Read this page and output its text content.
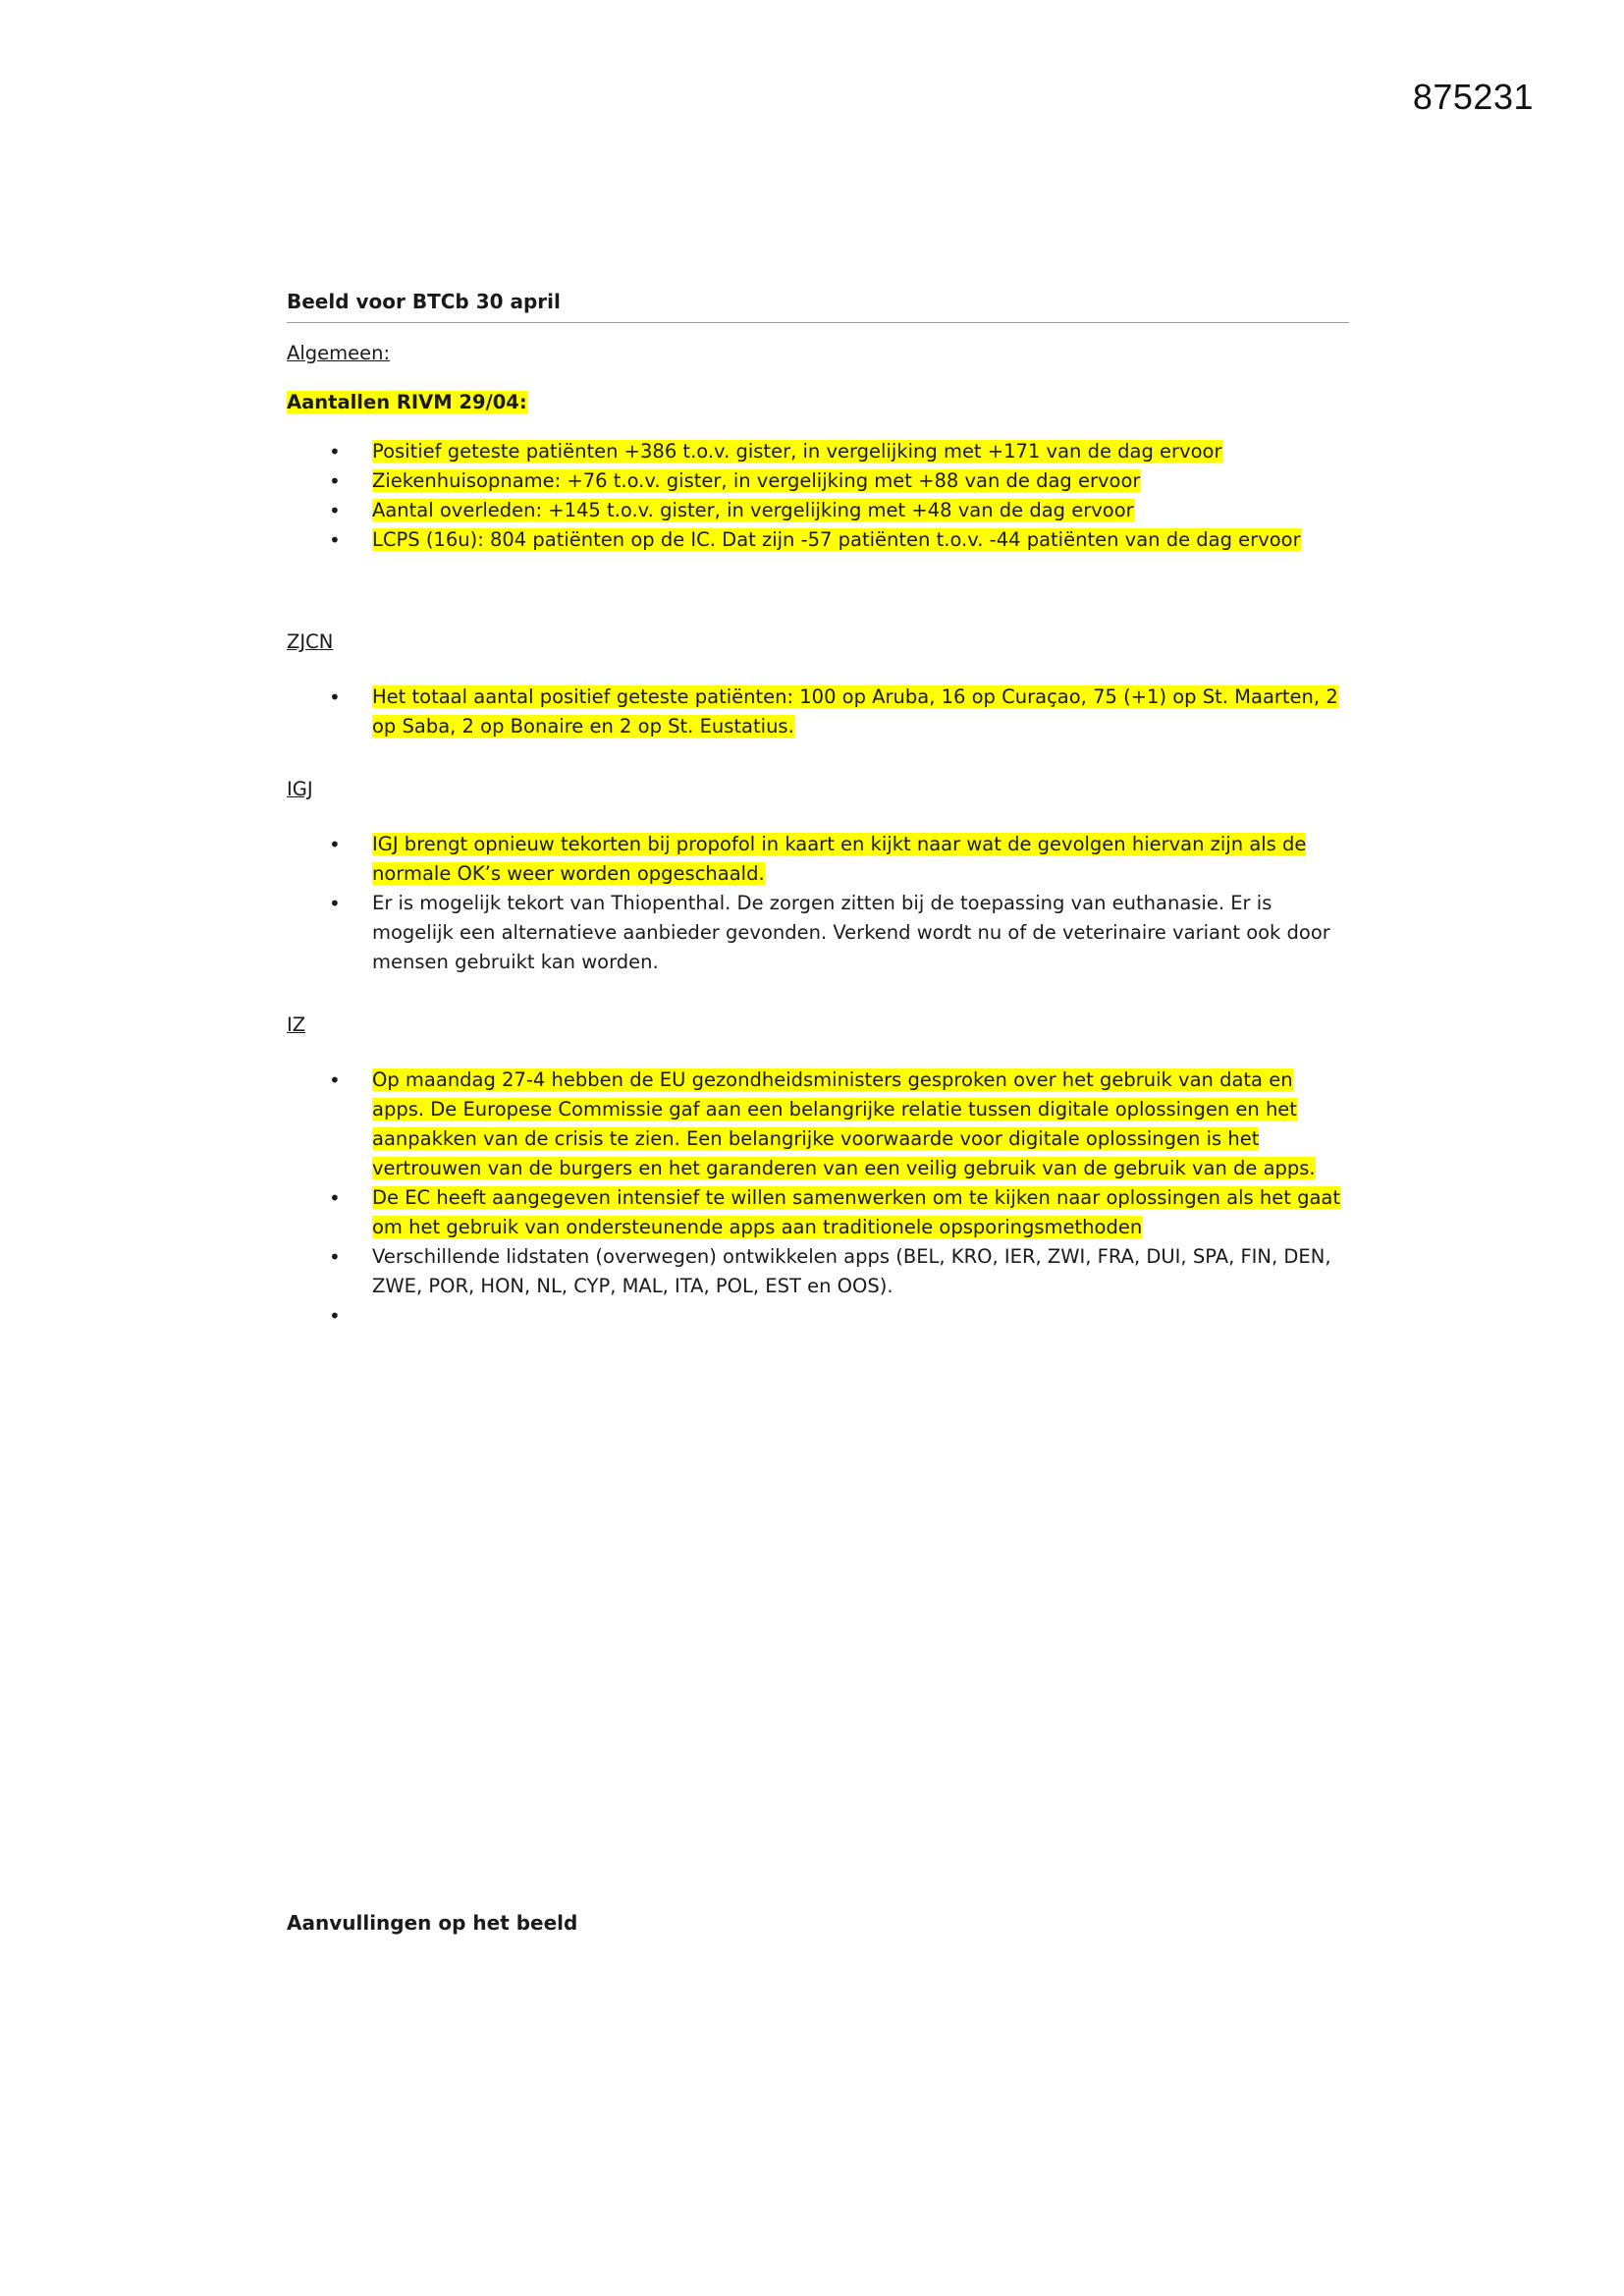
875231
Beeld voor BTCb 30 april

Algemeen:

Aantallen RIVM 29/04:

• Positief geteste patiënten +386 t.o.v. gister, in vergelijking met +171 van de dag ervoor
• Ziekenhuisopname: +76 t.o.v. gister, in vergelijking met +88 van de dag ervoor
• Aantal overleden: +145 t.o.v. gister, in vergelijking met +48 van de dag ervoor
• LCPS (16u): 804 patiënten op de IC. Dat zijn -57 patiënten t.o.v. -44 patiënten van de dag ervoor

ZJCN

• Het totaal aantal positief geteste patiënten: 100 op Aruba, 16 op Curaçao, 75 (+1) op St. Maarten, 2 op Saba, 2 op Bonaire en 2 op St. Eustatius.

IGJ

• IGJ brengt opnieuw tekorten bij propofol in kaart en kijkt naar wat de gevolgen hiervan zijn als de normale OK’s weer worden opgeschaald.
• Er is mogelijk tekort van Thiopenthal. De zorgen zitten bij de toepassing van euthanasie. Er is mogelijk een alternatieve aanbieder gevonden. Verkend wordt nu of de veterinaire variant ook door mensen gebruikt kan worden.

IZ

• Op maandag 27-4 hebben de EU gezondheidsministers gesproken over het gebruik van data en apps. De Europese Commissie gaf aan een belangrijke relatie tussen digitale oplossingen en het aanpakken van de crisis te zien. Een belangrijke voorwaarde voor digitale oplossingen is het vertrouwen van de burgers en het garanderen van een veilig gebruik van de gebruik van de apps.
• De EC heeft aangegeven intensief te willen samenwerken om te kijken naar oplossingen als het gaat om het gebruik van ondersteunende apps aan traditionele opsporingsmethoden
• Verschillende lidstaten (overwegen) ontwikkelen apps (BEL, KRO, IER, ZWI, FRA, DUI, SPA, FIN, DEN, ZWE, POR, HON, NL, CYP, MAL, ITA, POL, EST en OOS).
•
Aanvullingen op het beeld
